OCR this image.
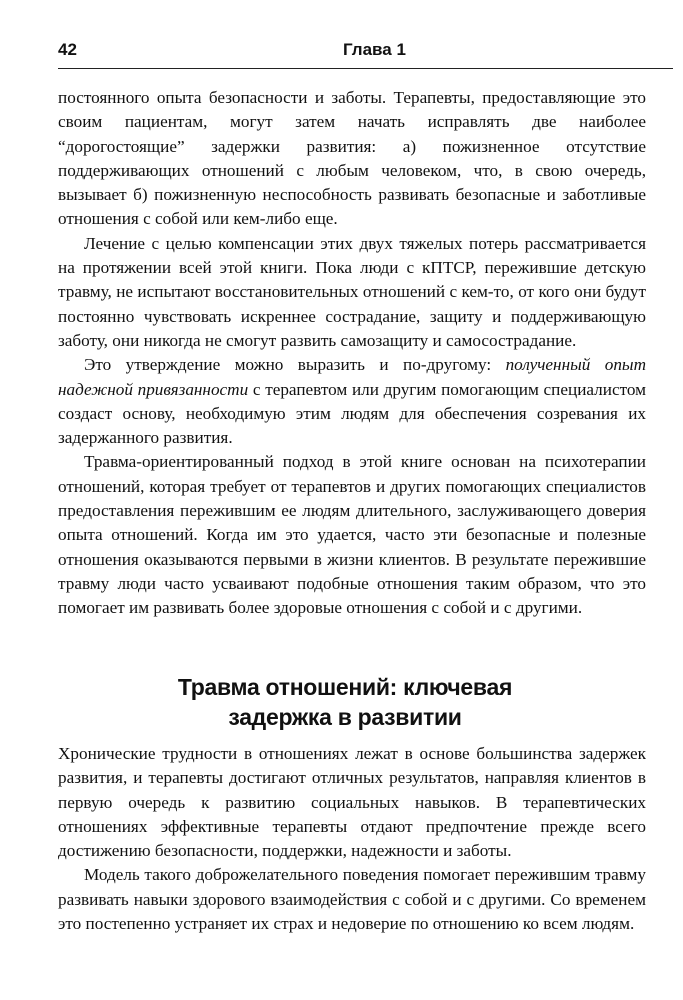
42	Глава 1

постоянного опыта безопасности и заботы. Терапевты, предоставляющие это своим пациентам, могут затем начать исправлять две наиболее “дорогостоящие” задержки развития: а) пожизненное отсутствие поддерживающих отношений с любым человеком, что, в свою очередь, вызывает б) пожизненную неспособность развивать безопасные и заботливые отношения с собой или кем-либо еще.

Лечение с целью компенсации этих двух тяжелых потерь рассматривается на протяжении всей этой книги. Пока люди с кПТСР, пережившие детскую травму, не испытают восстановительных отношений с кем-то, от кого они будут постоянно чувствовать искреннее сострадание, защиту и поддерживающую заботу, они никогда не смогут развить самозащиту и самосострадание.

Это утверждение можно выразить и по-другому: полученный опыт надежной привязанности с терапевтом или другим помогающим специалистом создаст основу, необходимую этим людям для обеспечения созревания их задержанного развития.

Травма-ориентированный подход в этой книге основан на психотерапии отношений, которая требует от терапевтов и других помогающих специалистов предоставления пережившим ее людям длительного, заслуживающего доверия опыта отношений. Когда им это удается, часто эти безопасные и полезные отношения оказываются первыми в жизни клиентов. В результате пережившие травму люди часто усваивают подобные отношения таким образом, что это помогает им развивать более здоровые отношения с собой и с другими.

Травма отношений: ключевая
задержка в развитии

Хронические трудности в отношениях лежат в основе большинства задержек развития, и терапевты достигают отличных результатов, направляя клиентов в первую очередь к развитию социальных навыков. В терапевтических отношениях эффективные терапевты отдают предпочтение прежде всего достижению безопасности, поддержки, надежности и заботы.

Модель такого доброжелательного поведения помогает пережившим травму развивать навыки здорового взаимодействия с собой и с другими. Со временем это постепенно устраняет их страх и недоверие по отношению ко всем людям.
